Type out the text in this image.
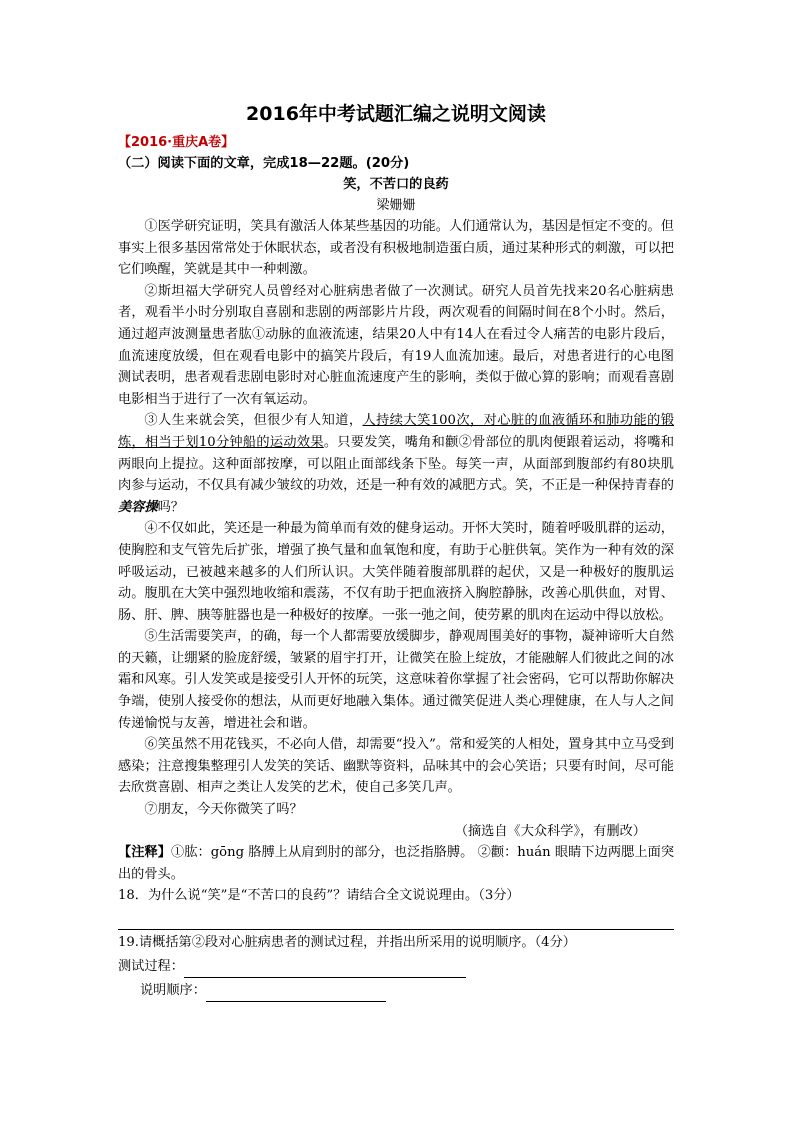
2016年中考试题汇编之说明文阅读
【2016·重庆A卷】
（二）阅读下面的文章，完成18—22题。(20分)
笑，不苦口的良药
梁姗姗

①医学研究证明，笑具有激活人体某些基因的功能。人们通常认为，基因是恒定不变的。但事实上很多基因常常处于休眠状态，或者没有积极地制造蛋白质，通过某种形式的刺激，可以把它们唤醒，笑就是其中一种刺激。

②斯坦福大学研究人员曾经对心脏病患者做了一次测试。研究人员首先找来20名心脏病患者，观看半小时分别取自喜剧和悲剧的两部影片片段，两次观看的间隔时间在8个小时。然后，通过超声波测量患者肱①动脉的血液流速，结果20人中有14人在看过令人痛苦的电影片段后，血流速度放缓，但在观看电影中的搞笑片段后，有19人血流加速。最后，对患者进行的心电图测试表明，患者观看悲剧电影时对心脏血流速度产生的影响，类似于做心算的影响；而观看喜剧电影相当于进行了一次有氧运动。

③人生来就会笑，但很少有人知道，人持续大笑100次，对心脏的血液循环和肺功能的锻炼，相当于划10分钟船的运动效果。只要发笑，嘴角和颧②骨部位的肌肉便跟着运动，将嘴和两眼向上提拉。这种面部按摩，可以阻止面部线条下坠。每笑一声，从面部到腹部约有80块肌肉参与运动，不仅具有减少皱纹的功效，还是一种有效的减肥方式。笑，不正是一种保持青春的美容操吗？

④不仅如此，笑还是一种最为简单而有效的健身运动。开怀大笑时，随着呼吸肌群的运动，使胸腔和支气管先后扩张，增强了换气量和血氧饱和度，有助于心脏供氧。笑作为一种有效的深呼吸运动，已被越来越多的人们所认识。大笑伴随着腹部肌群的起伏，又是一种极好的腹肌运动。腹肌在大笑中强烈地收缩和震荡，不仅有助于把血液挤入胸腔静脉，改善心肌供血，对胃、肠、肝、脾、胰等脏器也是一种极好的按摩。一张一弛之间，使劳累的肌肉在运动中得以放松。

⑤生活需要笑声，的确，每一个人都需要放缓脚步，静观周围美好的事物，凝神谛听大自然的天籁，让绷紧的脸庞舒缓，皱紧的眉宇打开，让微笑在脸上绽放，才能融解人们彼此之间的冰霜和风寒。引人发笑或是接受引人开怀的玩笑，这意味着你掌握了社会密码，它可以帮助你解决争端，使别人接受你的想法，从而更好地融入集体。通过微笑促进人类心理健康，在人与人之间传递愉悦与友善，增进社会和谐。

⑥笑虽然不用花钱买，不必向人借，却需要“投入”。常和爱笑的人相处，置身其中立马受到感染；注意搜集整理引人发笑的笑话、幽默等资料，品味其中的会心笑语；只要有时间，尽可能去欣赏喜剧、相声之类让人发笑的艺术，使自己多笑几声。

⑦朋友，今天你微笑了吗？

（摘选自《大众科学》，有删改）

【注释】①肱：gōng 胳膊上从肩到肘的部分，也泛指胳膊。 ②颧：huán 眼睛下边两腮上面突出的骨头。

18．为什么说“笑”是“不苦口的良药”？请结合全文说说理由。（3分）

19.请概括第②段对心脏病患者的测试过程，并指出所采用的说明顺序。（4分）

测试过程：
说明顺序：
